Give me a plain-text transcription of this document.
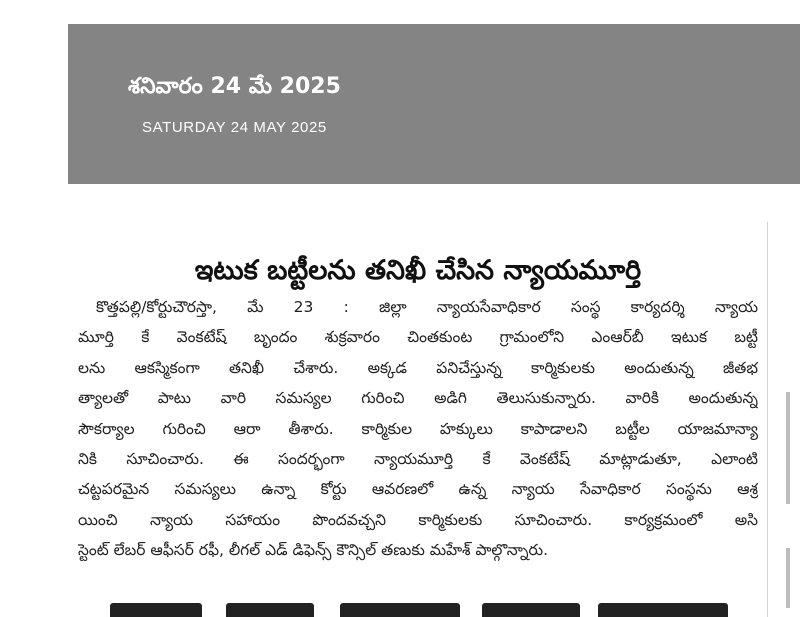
శనివారం 24 మే 2025
SATURDAY 24 MAY 2025
ఇటుక బట్టీలను తనిఖీ చేసిన న్యాయమూర్తి
కొత్తపల్లి/కోర్టుచౌరస్తా, మే 23 : జిల్లా న్యాయసేవాధికార సంస్థ కార్యదర్శి న్యాయ
మూర్తి కే వెంకటేష్ బృందం శుక్రవారం చింతకుంట గ్రామంలోని ఎంఆర్‌బీ ఇటుక బట్టీ
లను ఆకస్మికంగా తనిఖీ చేశారు. అక్కడ పనిచేస్తున్న కార్మికులకు అందుతున్న జీతభ
త్యాలతో పాటు వారి సమస్యల గురించి అడిగి తెలుసుకున్నారు. వారికి అందుతున్న
సౌకర్యాల గురించి ఆరా తీశారు. కార్మికుల హక్కులు కాపాడాలని బట్టీల యాజమాన్యా
నికి సూచించారు. ఈ సందర్భంగా న్యాయమూర్తి కే వెంకటేష్ మాట్లాడుతూ, ఎలాంటి
చట్టపరమైన సమస్యలు ఉన్నా కోర్టు ఆవరణలో ఉన్న న్యాయ సేవాధికార సంస్థను ఆశ్ర
యించి న్యాయ సహాయం పొందవచ్చని కార్మికులకు సూచించారు. కార్యక్రమంలో అసి
స్టెంట్ లేబర్ ఆఫీసర్ రఫీ, లీగల్ ఎడ్ డిఫెన్స్ కౌన్సిల్ తణుకు మహేశ్ పాల్గొన్నారు.
